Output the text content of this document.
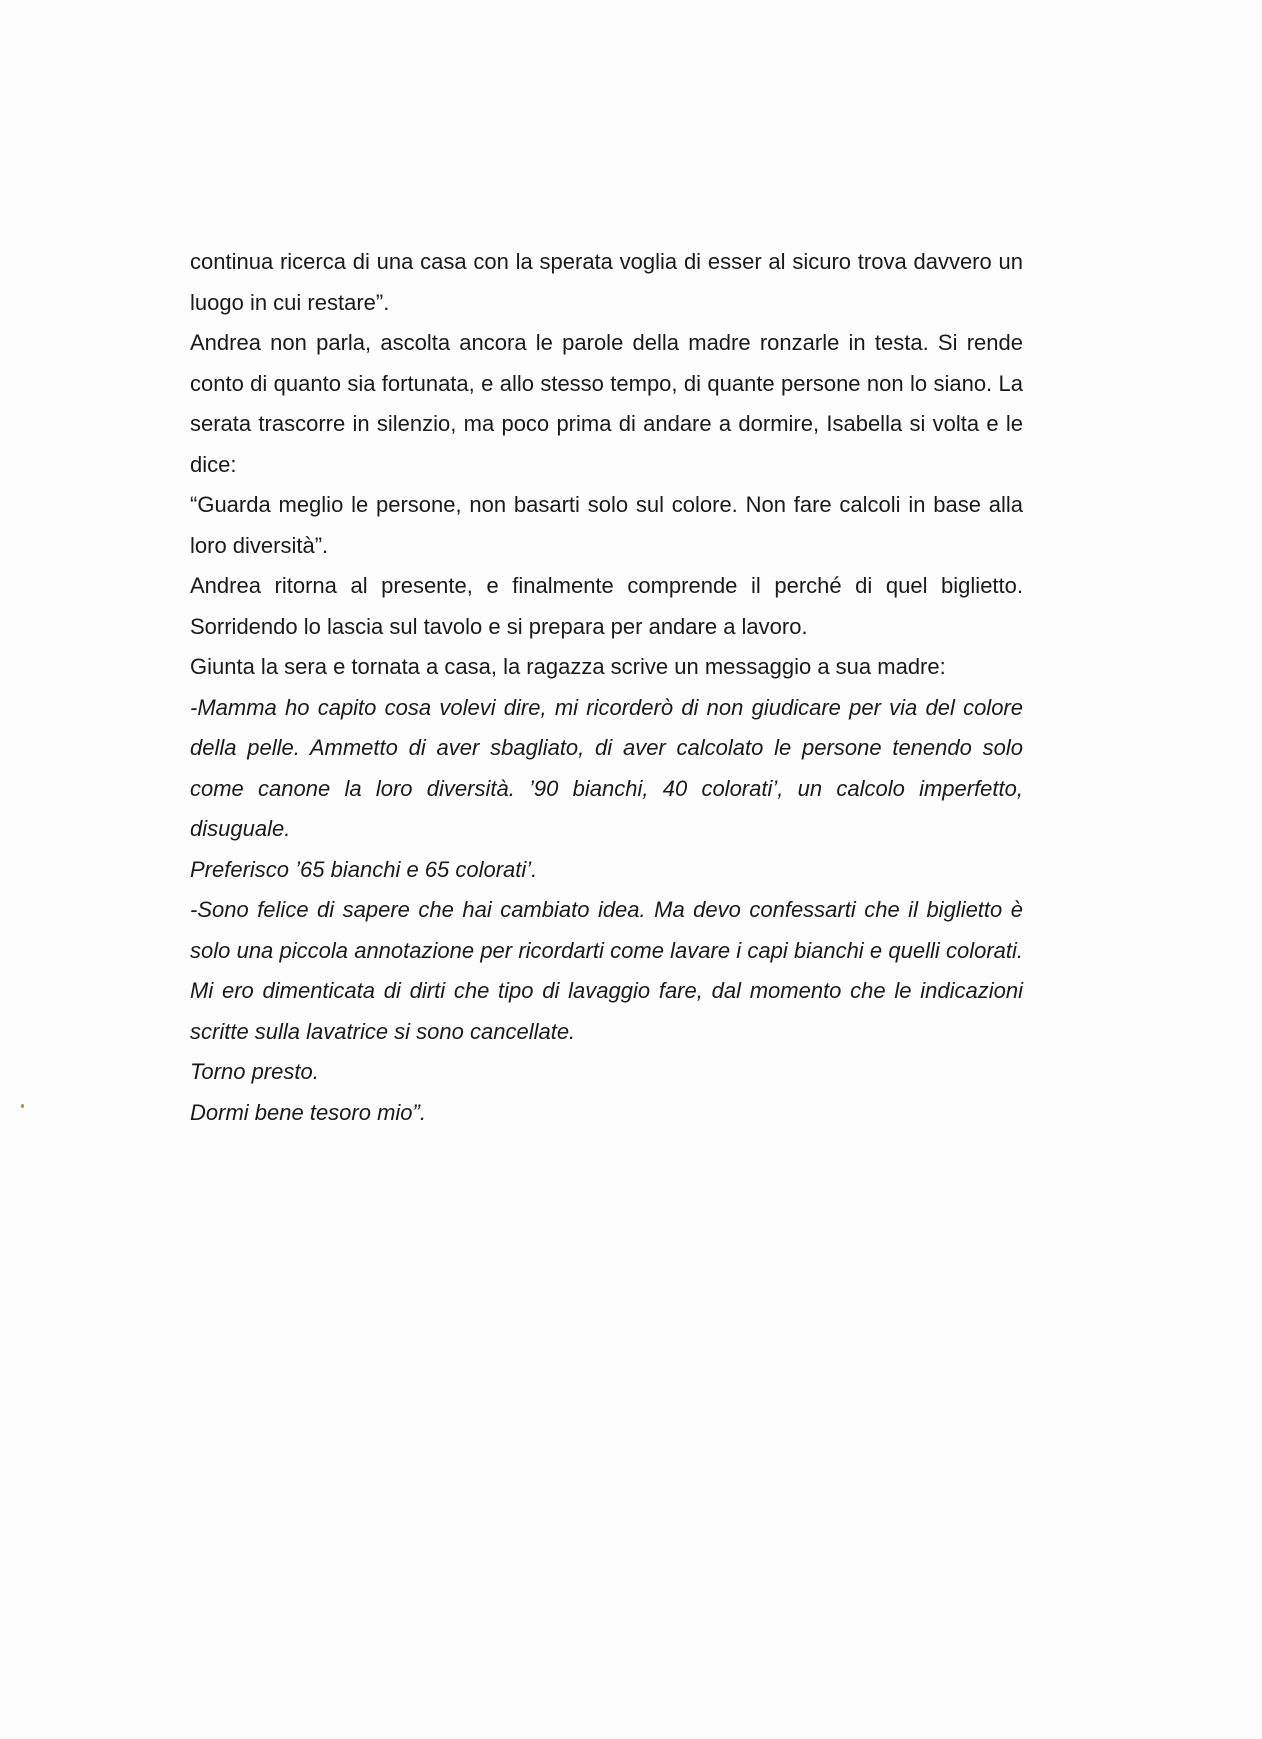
continua ricerca di una casa con la sperata voglia di esser al sicuro trova davvero un luogo in cui restare”.

Andrea non parla, ascolta ancora le parole della madre ronzarle in testa. Si rende conto di quanto sia fortunata, e allo stesso tempo, di quante persone non lo siano. La serata trascorre in silenzio, ma poco prima di andare a dormire, Isabella si volta e le dice:

“Guarda meglio le persone, non basarti solo sul colore. Non fare calcoli in base alla loro diversità”.

Andrea ritorna al presente, e finalmente comprende il perché di quel biglietto. Sorridendo lo lascia sul tavolo e si prepara per andare a lavoro.

Giunta la sera e tornata a casa, la ragazza scrive un messaggio a sua madre:

-Mamma ho capito cosa volevi dire, mi ricorderò di non giudicare per via del colore della pelle. Ammetto di aver sbagliato, di aver calcolato le persone tenendo solo come canone la loro diversità. ’90 bianchi, 40 colorati’, un calcolo imperfetto, disuguale.

Preferisco ’65 bianchi e 65 colorati’.

-Sono felice di sapere che hai cambiato idea. Ma devo confessarti che il biglietto è solo una piccola annotazione per ricordarti come lavare i capi bianchi e quelli colorati. Mi ero dimenticata di dirti che tipo di lavaggio fare, dal momento che le indicazioni scritte sulla lavatrice si sono cancellate.

Torno presto.

Dormi bene tesoro mio”.
